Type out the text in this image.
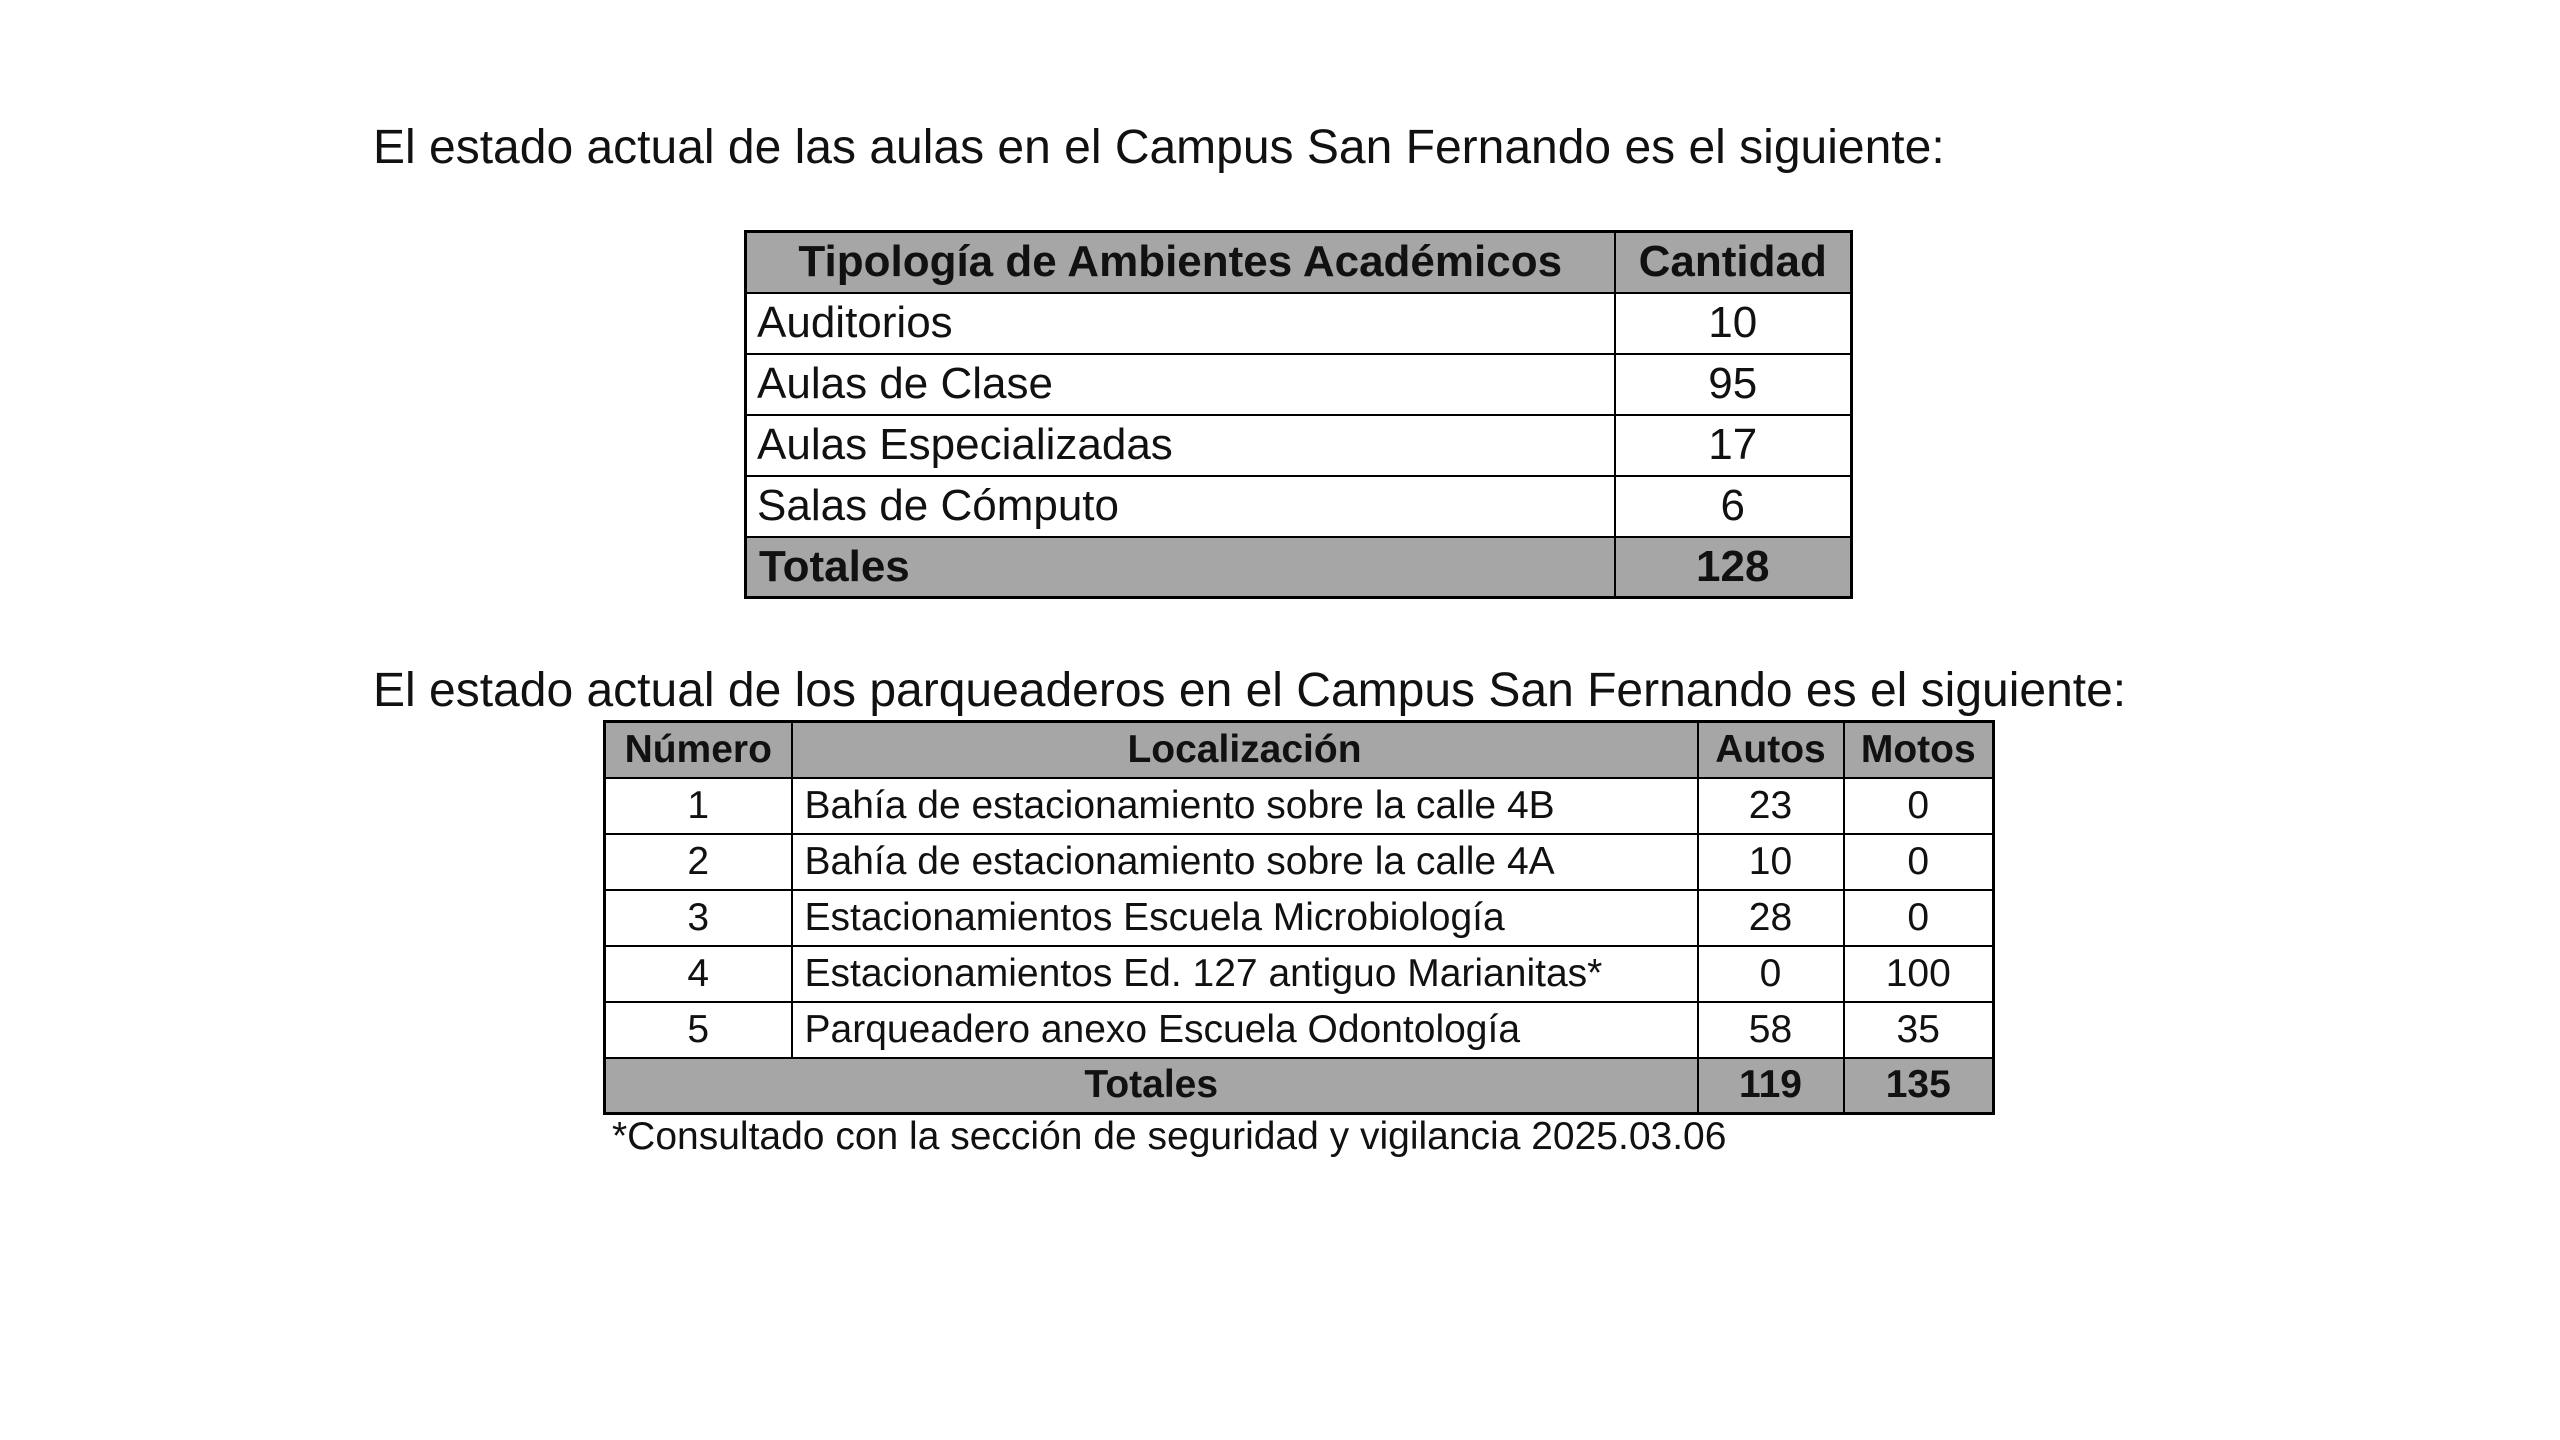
El estado actual de las aulas en el Campus San Fernando es el siguiente:

Tipología de Ambientes Académicos	Cantidad
Auditorios	10
Aulas de Clase	95
Aulas Especializadas	17
Salas de Cómputo	6
Totales	128

El estado actual de los parqueaderos en el Campus San Fernando es el siguiente:

Número	Localización	Autos	Motos
1	Bahía de estacionamiento sobre la calle 4B	23	0
2	Bahía de estacionamiento sobre la calle 4A	10	0
3	Estacionamientos Escuela Microbiología	28	0
4	Estacionamientos Ed. 127 antiguo Marianitas*	0	100
5	Parqueadero anexo Escuela Odontología	58	35
Totales		119	135

*Consultado con la sección de seguridad y vigilancia 2025.03.06
